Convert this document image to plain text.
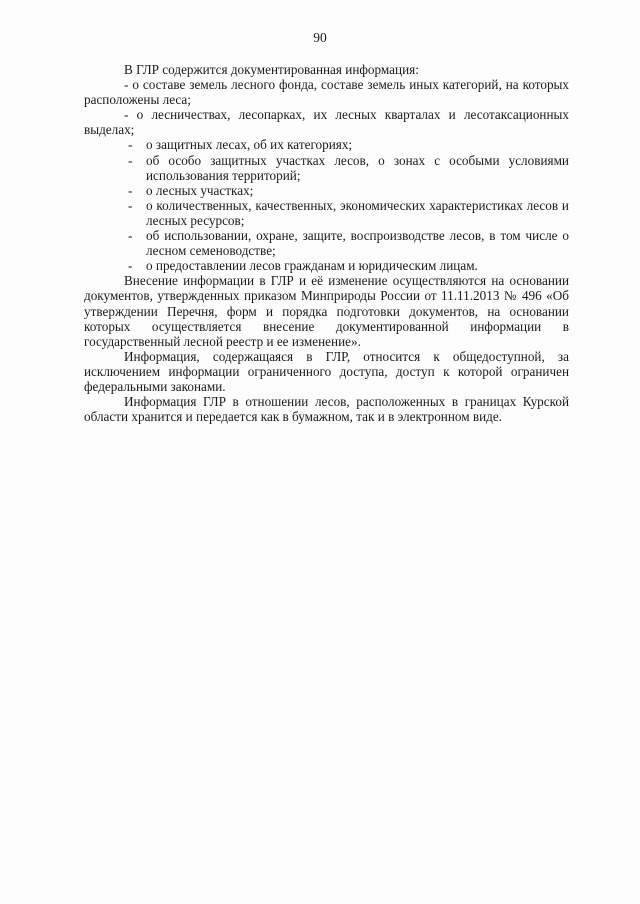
90

В ГЛР содержится документированная информация:

- о составе земель лесного фонда, составе земель иных категорий, на которых расположены леса;

- о лесничествах, лесопарках, их лесных кварталах и лесотаксационных выделах;

- о защитных лесах, об их категориях;

- об особо защитных участках лесов, о зонах с особыми условиями использования территорий;

- о лесных участках;

- о количественных, качественных, экономических характеристиках лесов и лесных ресурсов;

- об использовании, охране, защите, воспроизводстве лесов, в том числе о лесном семеноводстве;

- о предоставлении лесов гражданам и юридическим лицам.

Внесение информации в ГЛР и её изменение осуществляются на основании документов, утвержденных приказом Минприроды России от 11.11.2013 № 496 «Об утверждении Перечня, форм и порядка подготовки документов, на основании которых осуществляется внесение документированной информации в государственный лесной реестр и ее изменение».

Информация, содержащаяся в ГЛР, относится к общедоступной, за исключением информации ограниченного доступа, доступ к которой ограничен федеральными законами.

Информация ГЛР в отношении лесов, расположенных в границах Курской области хранится и передается как в бумажном, так и в электронном виде.
